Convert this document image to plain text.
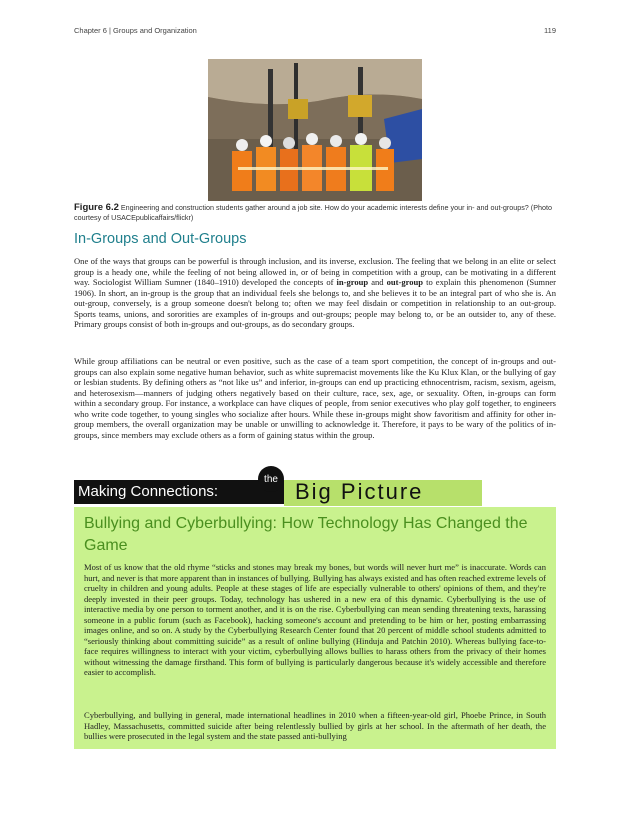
Chapter 6 | Groups and Organization	119
Figure 6.2 Engineering and construction students gather around a job site. How do your academic interests define your in- and out-groups? (Photo courtesy of USACEpublicaffairs/flickr)
In-Groups and Out-Groups

One of the ways that groups can be powerful is through inclusion, and its inverse, exclusion. The feeling that we belong in an elite or select group is a heady one, while the feeling of not being allowed in, or of being in competition with a group, can be motivating in a different way. Sociologist William Sumner (1840–1910) developed the concepts of in-group and out-group to explain this phenomenon (Sumner 1906). In short, an in-group is the group that an individual feels she belongs to, and she believes it to be an integral part of who she is. An out-group, conversely, is a group someone doesn't belong to; often we may feel disdain or competition in relationship to an out-group. Sports teams, unions, and sororities are examples of in-groups and out-groups; people may belong to, or be an outsider to, any of these. Primary groups consist of both in-groups and out-groups, as do secondary groups.

While group affiliations can be neutral or even positive, such as the case of a team sport competition, the concept of in-groups and out-groups can also explain some negative human behavior, such as white supremacist movements like the Ku Klux Klan, or the bullying of gay or lesbian students. By defining others as “not like us” and inferior, in-groups can end up practicing ethnocentrism, racism, sexism, ageism, and heterosexism—manners of judging others negatively based on their culture, race, sex, age, or sexuality. Often, in-groups can form within a secondary group. For instance, a workplace can have cliques of people, from senior executives who play golf together, to engineers who write code together, to young singles who socialize after hours. While these in-groups might show favoritism and affinity for other in-group members, the overall organization may be unable or unwilling to acknowledge it. Therefore, it pays to be wary of the politics of in-groups, since members may exclude others as a form of gaining status within the group.

Making Connections:
the Big Picture
Bullying and Cyberbullying: How Technology Has Changed the Game
Most of us know that the old rhyme “sticks and stones may break my bones, but words will never hurt me” is inaccurate. Words can hurt, and never is that more apparent than in instances of bullying. Bullying has always existed and has often reached extreme levels of cruelty in children and young adults. People at these stages of life are especially vulnerable to others' opinions of them, and they're deeply invested in their peer groups. Today, technology has ushered in a new era of this dynamic. Cyberbullying is the use of interactive media by one person to torment another, and it is on the rise. Cyberbullying can mean sending threatening texts, harassing someone in a public forum (such as Facebook), hacking someone's account and pretending to be him or her, posting embarrassing images online, and so on. A study by the Cyberbullying Research Center found that 20 percent of middle school students admitted to “seriously thinking about committing suicide” as a result of online bullying (Hinduja and Patchin 2010). Whereas bullying face-to-face requires willingness to interact with your victim, cyberbullying allows bullies to harass others from the privacy of their homes without witnessing the damage firsthand. This form of bullying is particularly dangerous because it's widely accessible and therefore easier to accomplish.
Cyberbullying, and bullying in general, made international headlines in 2010 when a fifteen-year-old girl, Phoebe Prince, in South Hadley, Massachusetts, committed suicide after being relentlessly bullied by girls at her school. In the aftermath of her death, the bullies were prosecuted in the legal system and the state passed anti-bullying
